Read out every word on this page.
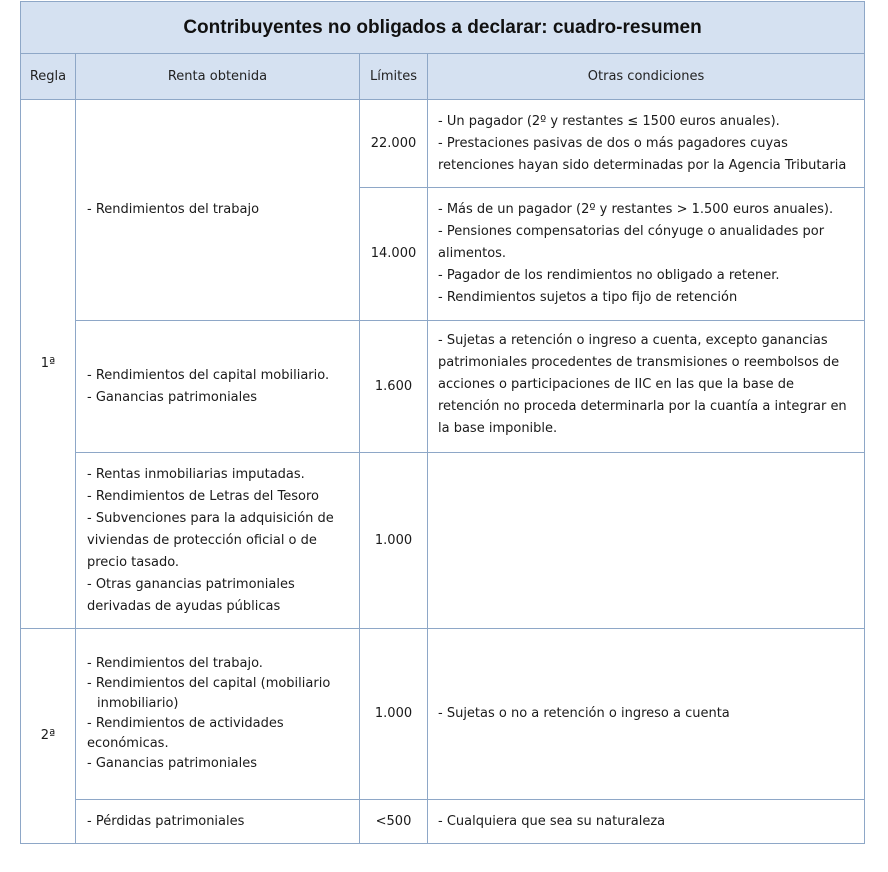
Contribuyentes no obligados a declarar: cuadro-resumen			
Regla	Renta obtenida	Límites	Otras condiciones
1ª	- Rendimientos del trabajo	22.000	- Un pagador (2º y restantes ≤ 1500 euros anuales).
- Prestaciones pasivas de dos o más pagadores cuyas retenciones hayan sido determinadas por la Agencia Tributaria

		14.000	- Más de un pagador (2º y restantes > 1.500 euros anuales).
- Pensiones compensatorias del cónyuge o anualidades por alimentos.
- Pagador de los rendimientos no obligado a retener.
- Rendimientos sujetos a tipo fijo de retención

	- Rendimientos del capital mobiliario.
- Ganancias patrimoniales	1.600	- Sujetas a retención o ingreso a cuenta, excepto ganancias patrimoniales procedentes de transmisiones o reembolsos de acciones o participaciones de IIC en las que la base de retención no proceda determinarla por la cuantía a integrar en la base imponible.

	- Rentas inmobiliarias imputadas.
- Rendimientos de Letras del Tesoro
- Subvenciones para la adquisición de viviendas de protección oficial o de precio tasado.
- Otras ganancias patrimoniales derivadas de ayudas públicas	1.000	

2ª	- Rendimientos del trabajo.
- Rendimientos del capital (mobiliario
inmobiliario)
- Rendimientos de actividades económicas.
- Ganancias patrimoniales	1.000	- Sujetas o no a retención o ingreso a cuenta

	- Pérdidas patrimoniales	<500	- Cualquiera que sea su naturaleza
